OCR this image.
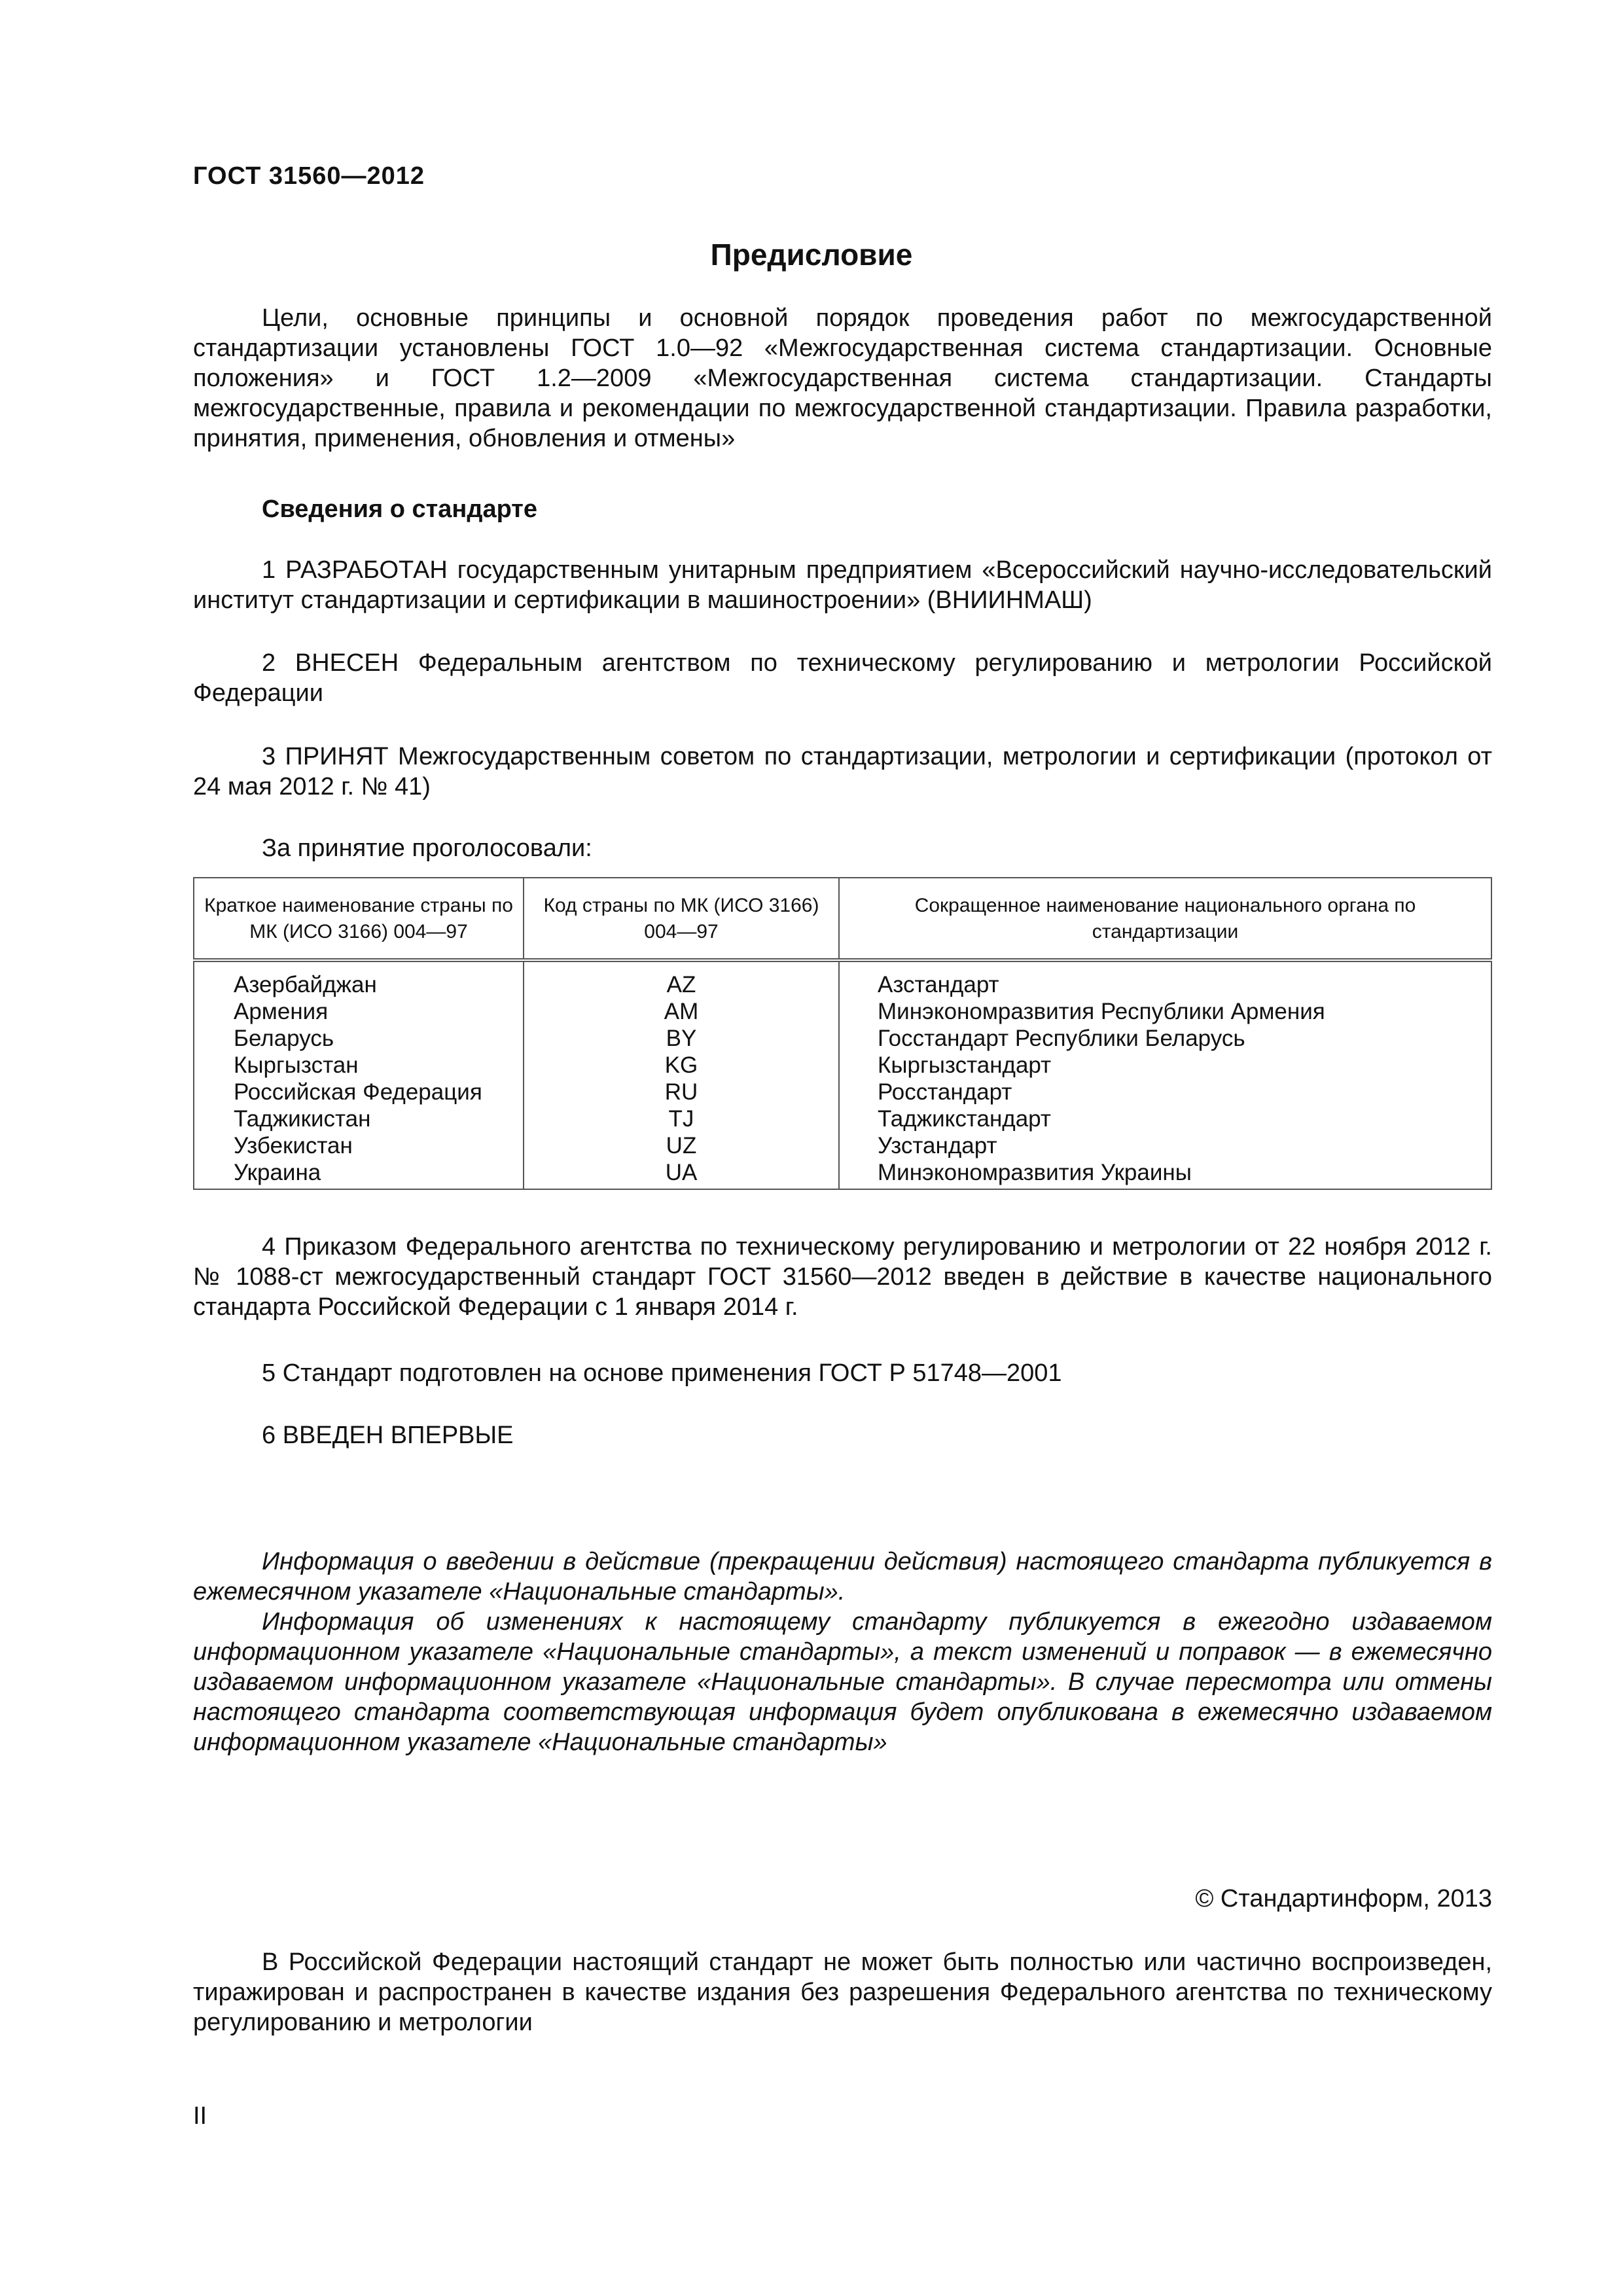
ГОСТ 31560—2012
Предисловие
Цели, основные принципы и основной порядок проведения работ по межгосударственной стандартизации установлены ГОСТ 1.0—92 «Межгосударственная система стандартизации. Основные положения» и ГОСТ 1.2—2009 «Межгосударственная система стандартизации. Стандарты межгосударственные, правила и рекомендации по межгосударственной стандартизации. Правила разработки, принятия, применения, обновления и отмены»
Сведения о стандарте
1 РАЗРАБОТАН государственным унитарным предприятием «Всероссийский научно-исследовательский институт стандартизации и сертификации в машиностроении» (ВНИИНМАШ)
2 ВНЕСЕН Федеральным агентством по техническому регулированию и метрологии Российской Федерации
3 ПРИНЯТ Межгосударственным советом по стандартизации, метрологии и сертификации (протокол от 24 мая 2012 г. № 41)
За принятие проголосовали:
Краткое наименование страны по МК (ИСО 3166) 004—97	Код страны по МК (ИСО 3166) 004—97	Сокращенное наименование национального органа по стандартизации
Азербайджан	AZ	Азстандарт
Армения	AM	Минэкономразвития Республики Армения
Беларусь	BY	Госстандарт Республики Беларусь
Кыргызстан	KG	Кыргызстандарт
Российская Федерация	RU	Росстандарт
Таджикистан	TJ	Таджикстандарт
Узбекистан	UZ	Узстандарт
Украина	UA	Минэкономразвития Украины
4 Приказом Федерального агентства по техническому регулированию и метрологии от 22 ноября 2012 г. № 1088-ст межгосударственный стандарт ГОСТ 31560—2012 введен в действие в качестве национального стандарта Российской Федерации с 1 января 2014 г.
5 Стандарт подготовлен на основе применения ГОСТ Р 51748—2001
6 ВВЕДЕН ВПЕРВЫЕ
Информация о введении в действие (прекращении действия) настоящего стандарта публикуется в ежемесячном указателе «Национальные стандарты».
Информация об изменениях к настоящему стандарту публикуется в ежегодно издаваемом информационном указателе «Национальные стандарты», а текст изменений и поправок — в ежемесячно издаваемом информационном указателе «Национальные стандарты». В случае пересмотра или отмены настоящего стандарта соответствующая информация будет опубликована в ежемесячно издаваемом информационном указателе «Национальные стандарты»
© Стандартинформ, 2013
В Российской Федерации настоящий стандарт не может быть полностью или частично воспроизведен, тиражирован и распространен в качестве издания без разрешения Федерального агентства по техническому регулированию и метрологии
II
